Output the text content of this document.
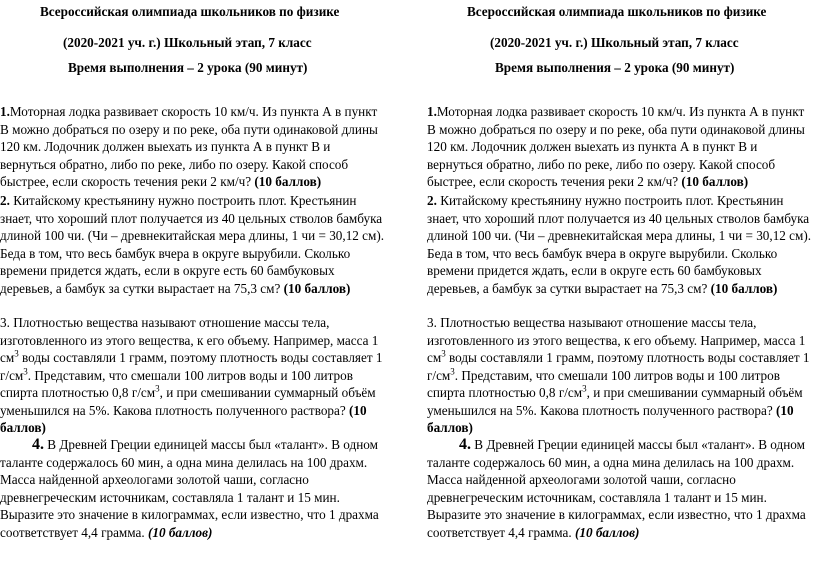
Всероссийская олимпиада школьников по физике
(2020-2021 уч. г.) Школьный этап, 7 класс
Время выполнения – 2 урока (90 минут)

1.Моторная лодка развивает скорость 10 км/ч. Из пункта А в пункт В можно добраться по озеру и по реке, оба пути одинаковой длины 120 км. Лодочник должен выехать из пункта А в пункт В и вернуться обратно, либо по реке, либо по озеру. Какой способ быстрее, если скорость течения реки 2 км/ч? (10 баллов)

2. Китайскому крестьянину нужно построить плот. Крестьянин знает, что хороший плот получается из 40 цельных стволов бамбука длиной 100 чи. (Чи – древнекитайская мера длины, 1 чи = 30,12 см). Беда в том, что весь бамбук вчера в округе вырубили. Сколько времени придется ждать, если в округе есть 60 бамбуковых деревьев, а бамбук за сутки вырастает на 75,3 см? (10 баллов)

3. Плотностью вещества называют отношение массы тела, изготовленного из этого вещества, к его объему. Например, масса 1 $см^3$ воды составляли 1 грамм, поэтому плотность воды составляет 1 $г/см^3$. Представим, что смешали 100 литров воды и 100 литров спирта плотностью 0,8 $г/см^3$, и при смешивании суммарный объём уменьшился на 5%. Какова плотность полученного раствора? (10 баллов)

4. В Древней Греции единицей массы был «талант». В одном таланте содержалось 60 мин, а одна мина делилась на 100 драхм. Масса найденной археологами золотой чаши, согласно древнегреческим источникам, составляла 1 талант и 15 мин. Выразите это значение в килограммах, если известно, что 1 драхма соответствует 4,4 грамма. (10 баллов)

Всероссийская олимпиада школьников по физике
(2020-2021 уч. г.) Школьный этап, 7 класс
Время выполнения – 2 урока (90 минут)

1.Моторная лодка развивает скорость 10 км/ч. Из пункта А в пункт В можно добраться по озеру и по реке, оба пути одинаковой длины 120 км. Лодочник должен выехать из пункта А в пункт В и вернуться обратно, либо по реке, либо по озеру. Какой способ быстрее, если скорость течения реки 2 км/ч? (10 баллов)

2. Китайскому крестьянину нужно построить плот. Крестьянин знает, что хороший плот получается из 40 цельных стволов бамбука длиной 100 чи. (Чи – древнекитайская мера длины, 1 чи = 30,12 см). Беда в том, что весь бамбук вчера в округе вырубили. Сколько времени придется ждать, если в округе есть 60 бамбуковых деревьев, а бамбук за сутки вырастает на 75,3 см? (10 баллов)

3. Плотностью вещества называют отношение массы тела, изготовленного из этого вещества, к его объему. Например, масса 1 $см^3$ воды составляли 1 грамм, поэтому плотность воды составляет 1 $г/см^3$. Представим, что смешали 100 литров воды и 100 литров спирта плотностью 0,8 $г/см^3$, и при смешивании суммарный объём уменьшился на 5%. Какова плотность полученного раствора? (10 баллов)

4. В Древней Греции единицей массы был «талант». В одном таланте содержалось 60 мин, а одна мина делилась на 100 драхм. Масса найденной археологами золотой чаши, согласно древнегреческим источникам, составляла 1 талант и 15 мин. Выразите это значение в килограммах, если известно, что 1 драхма соответствует 4,4 грамма. (10 баллов)
